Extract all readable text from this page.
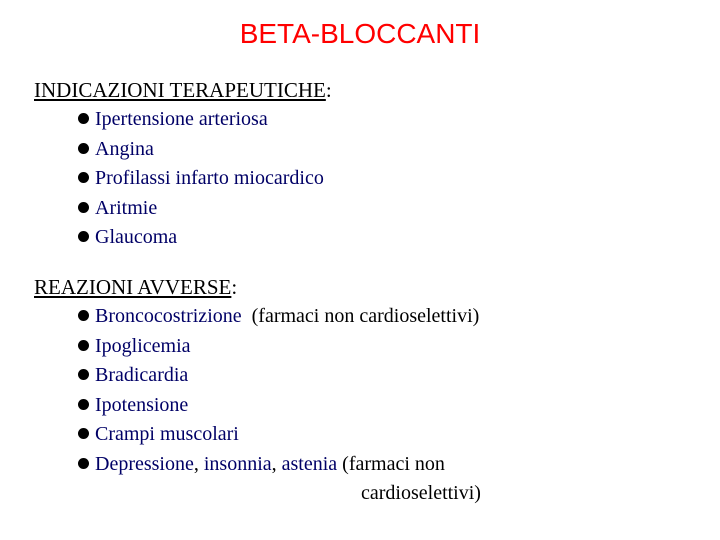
BETA-BLOCCANTI
INDICAZIONI TERAPEUTICHE:
Ipertensione arteriosa
Angina
Profilassi infarto miocardico
Aritmie
Glaucoma
REAZIONI AVVERSE:
Broncocostrizione (farmaci non cardioselettivi)
Ipoglicemia
Bradicardia
Ipotensione
Crampi muscolari
Depressione, insonnia, astenia (farmaci non
cardioselettivi)
